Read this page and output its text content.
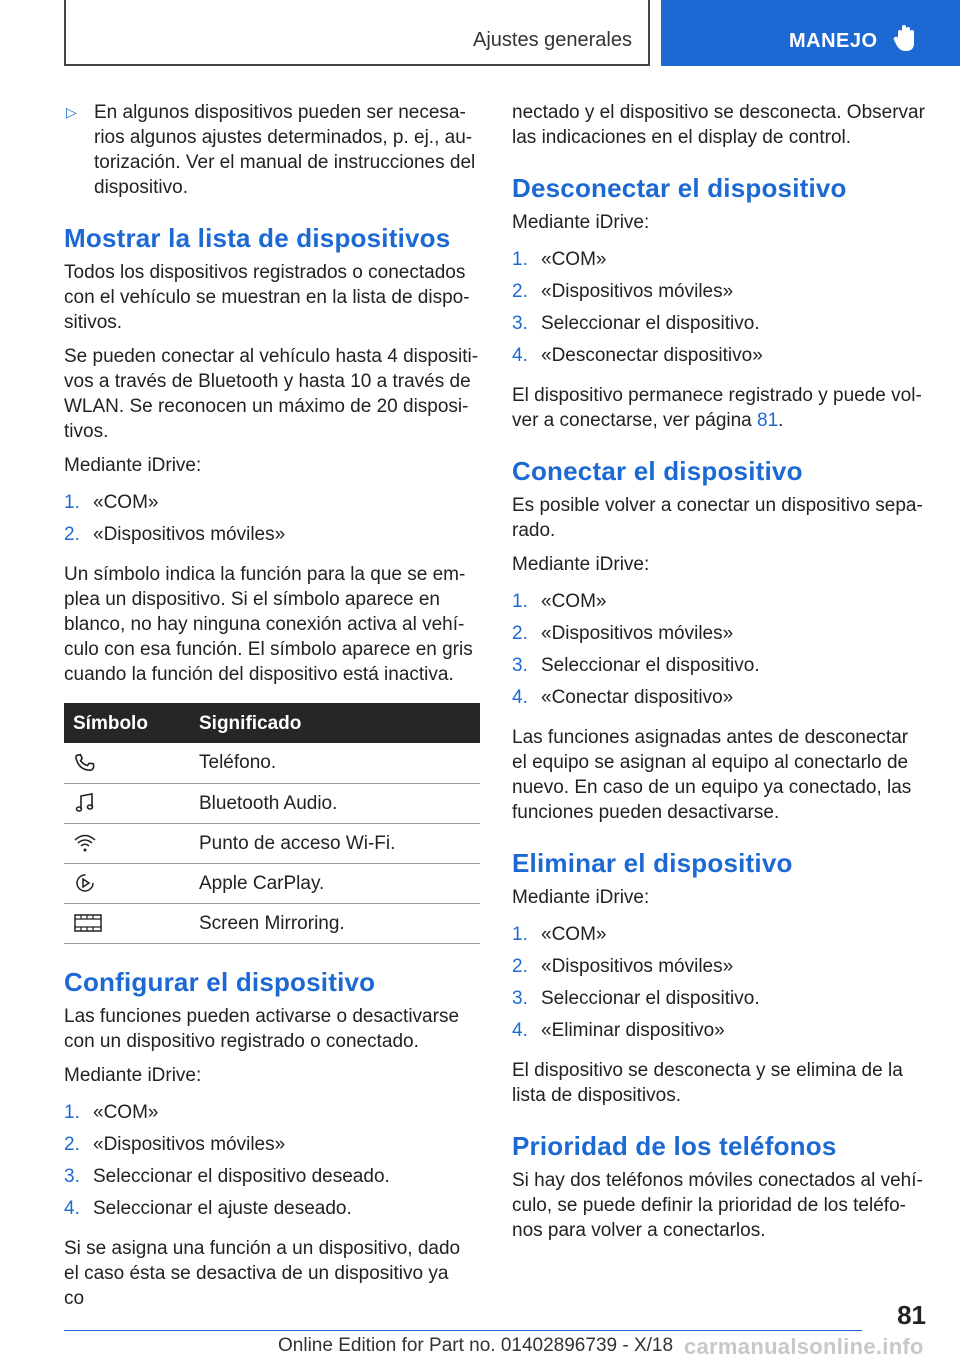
Ajustes generales	MANEJO
▷ En algunos dispositivos pueden ser necesarios algunos ajustes determinados, p. ej., autorización. Ver el manual de instrucciones del dispositivo.
Mostrar la lista de dispositivos

Todos los dispositivos registrados o conectados con el vehículo se muestran en la lista de dispositivos.

Se pueden conectar al vehículo hasta 4 dispositivos a través de Bluetooth y hasta 10 a través de WLAN. Se reconocen un máximo de 20 dispositivos.

Mediante iDrive:

1. «COM»
2. «Dispositivos móviles»

Un símbolo indica la función para la que se emplea un dispositivo. Si el símbolo aparece en blanco, no hay ninguna conexión activa al vehículo con esa función. El símbolo aparece en gris cuando la función del dispositivo está inactiva.

Símbolo	Significado

	Teléfono.

	Bluetooth Audio.

	Punto de acceso Wi-Fi.

	Apple CarPlay.

	Screen Mirroring.
Configurar el dispositivo

Las funciones pueden activarse o desactivarse con un dispositivo registrado o conectado.

Mediante iDrive:

1. «COM»
2. «Dispositivos móviles»
3. Seleccionar el dispositivo deseado.
4. Seleccionar el ajuste deseado.

Si se asigna una función a un dispositivo, dado el caso ésta se desactiva de un dispositivo ya co

nectado y el dispositivo se desconecta. Observar las indicaciones en el display de control.

Desconectar el dispositivo

Mediante iDrive:

1. «COM»
2. «Dispositivos móviles»
3. Seleccionar el dispositivo.
4. «Desconectar dispositivo»

El dispositivo permanece registrado y puede volver a conectarse, ver página 81.

Conectar el dispositivo

Es posible volver a conectar un dispositivo separado.

Mediante iDrive:

1. «COM»
2. «Dispositivos móviles»
3. Seleccionar el dispositivo.
4. «Conectar dispositivo»

Las funciones asignadas antes de desconectar el equipo se asignan al equipo al conectarlo de nuevo. En caso de un equipo ya conectado, las funciones pueden desactivarse.

Eliminar el dispositivo

Mediante iDrive:

1. «COM»
2. «Dispositivos móviles»
3. Seleccionar el dispositivo.
4. «Eliminar dispositivo»

El dispositivo se desconecta y se elimina de la lista de dispositivos.

Prioridad de los teléfonos

Si hay dos teléfonos móviles conectados al vehículo, se puede definir la prioridad de los teléfonos para volver a conectarlos.

81
Online Edition for Part no. 01402896739 - X/18 carmanualsonline.info
